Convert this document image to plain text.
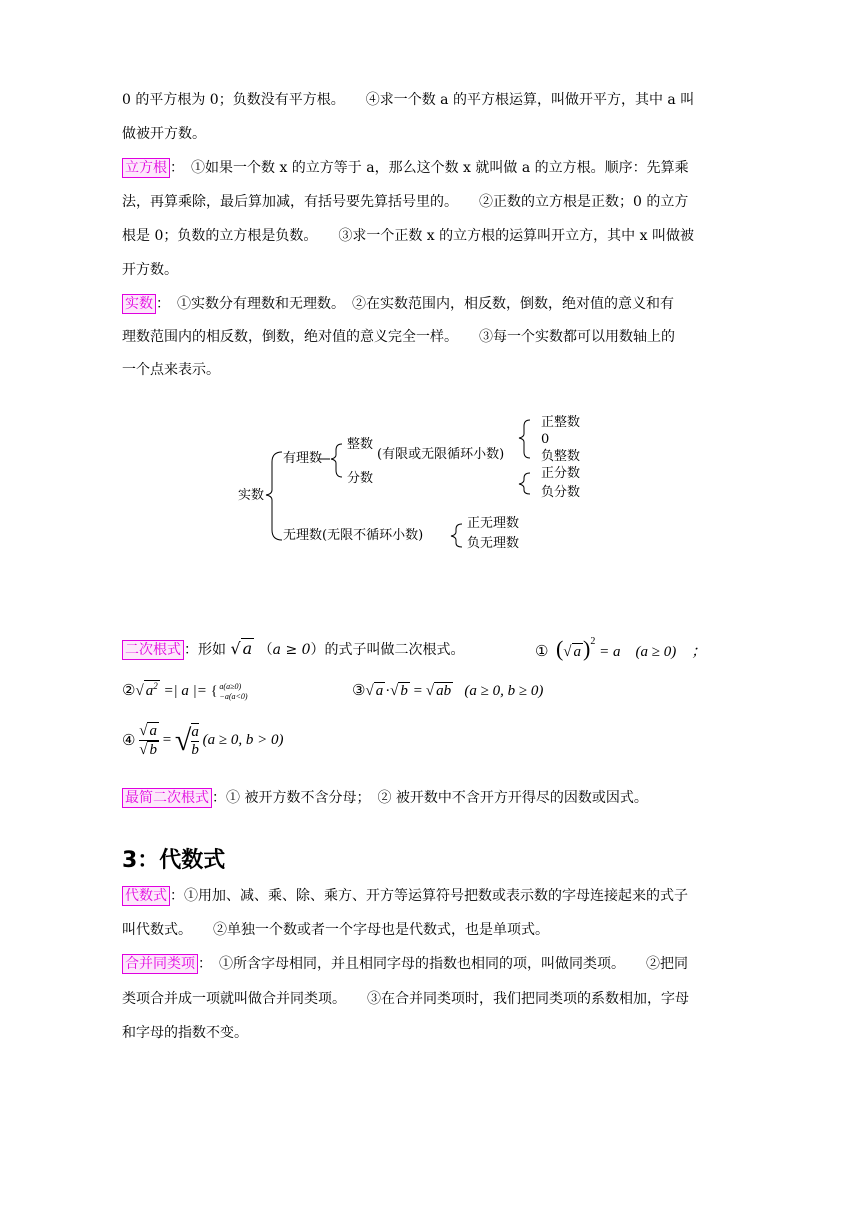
0 的平方根为 0；负数没有平方根。　　④求一个数 a 的平方根运算，叫做开平方，其中 a 叫
做被开方数。
立方根 ：　①如果一个数 x 的立方等于 a，那么这个数 x 就叫做 a 的立方根。顺序：先算乘
法，再算乘除，最后算加减，有括号要先算括号里的。　　②正数的立方根是正数；0 的立方
根是 0；负数的立方根是负数。　　③求一个正数 x 的立方根的运算叫开立方，其中 x 叫做被
开方数。
实数 ：　①实数分有理数和无理数。　②在实数范围内，相反数，倒数，绝对值的意义和有
理数范围内的相反数，倒数，绝对值的意义完全一样。　　③每一个实数都可以用数轴上的
一个点来表示。
实数
有理数
整数
分数
(有限或无限循环小数)
正整数
0
负整数
正分数
负分数
无理数(无限不循环小数)
正无理数
负无理数
二次根式 ：形如 √ a （a ≥ 0）的式子叫做二次根式。	① (√ a)$^2$ = a　(a ≥ 0)　；
②√ $a^2$ =| a |= { a(a≥0)
−a(a<0)	③√ a ·√ b = √ ab (a ≥ 0, b ≥ 0)
④ $\frac{√ a}{√ b}$ = √ $\frac{a}{b} (a \ge 0$, b > 0)
最简二次根式 ：① 被开方数不含分母；　② 被开数中不含开方开得尽的因数或因式。
3：代数式
代数式 ：①用加、减、乘、除、乘方、开方等运算符号把数或表示数的字母连接起来的式子
叫代数式。　　②单独一个数或者一个字母也是代数式，也是单项式。
合并同类项 ：　①所含字母相同，并且相同字母的指数也相同的项，叫做同类项。　　②把同
类项合并成一项就叫做合并同类项。　　③在合并同类项时，我们把同类项的系数相加，字母
和字母的指数不变。
